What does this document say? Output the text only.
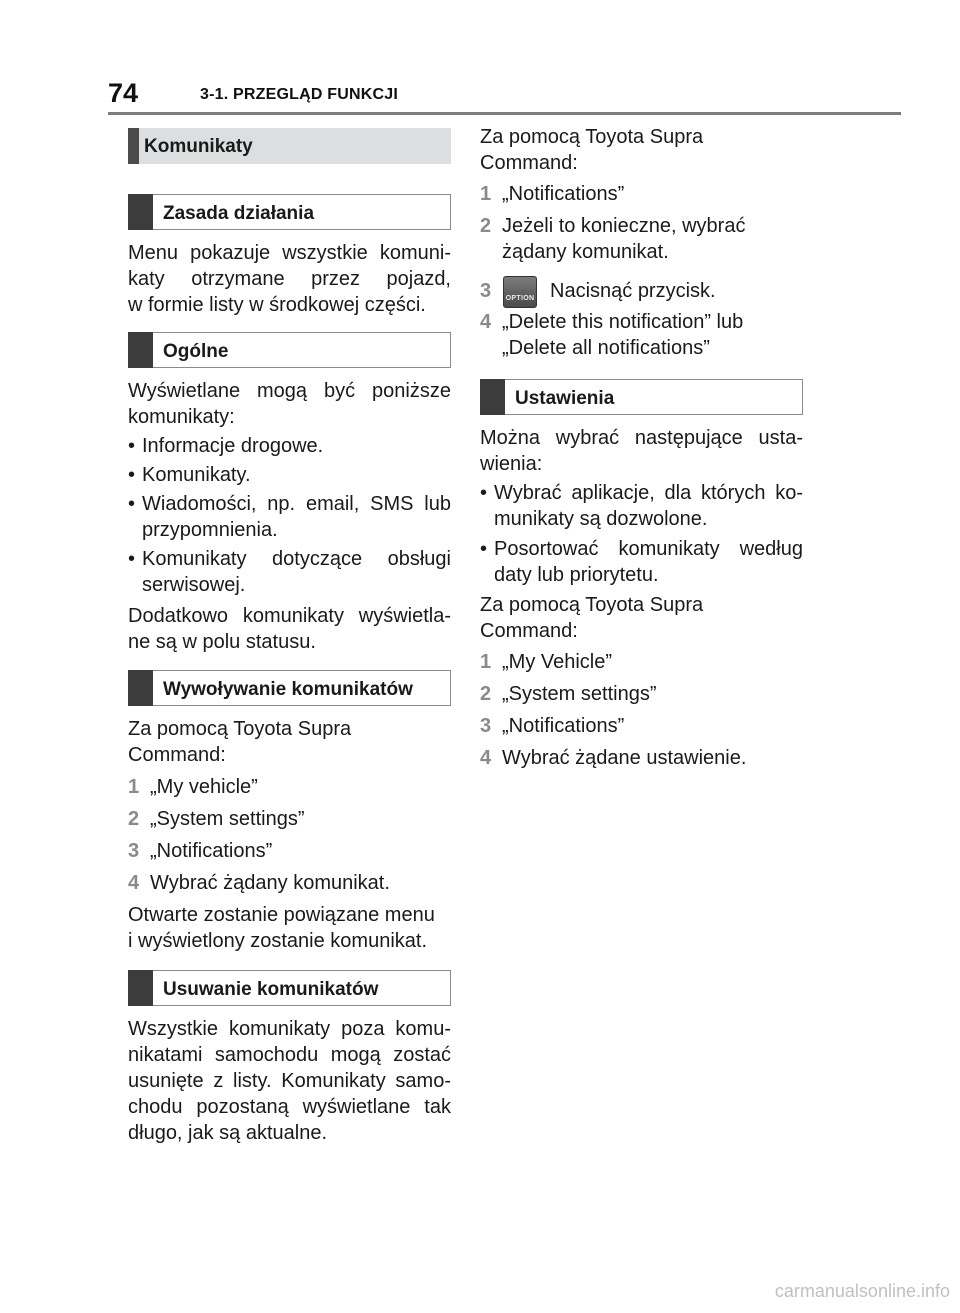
74	3-1. PRZEGLĄD FUNKCJI
Komunikaty
Zasada działania
Menu pokazuje wszystkie komuni-
katy otrzymane przez pojazd,
w formie listy w środkowej części.
Ogólne
Wyświetlane mogą być poniższe
komunikaty:
• Informacje drogowe.
• Komunikaty.
• Wiadomości, np. email, SMS lub
przypomnienia.
• Komunikaty dotyczące obsługi
serwisowej.
Dodatkowo komunikaty wyświetla-
ne są w polu statusu.
Wywoływanie komunikatów
Za pomocą Toyota Supra
Command:
1 „My vehicle”
2 „System settings”
3 „Notifications”
4 Wybrać żądany komunikat.
Otwarte zostanie powiązane menu
i wyświetlony zostanie komunikat.
Usuwanie komunikatów
Wszystkie komunikaty poza komu-
nikatami samochodu mogą zostać
usunięte z listy. Komunikaty samo-
chodu pozostaną wyświetlane tak
długo, jak są aktualne.
Za pomocą Toyota Supra
Command:
1 „Notifications”
2 Jeżeli to konieczne, wybrać
żądany komunikat.
3	OPTION Nacisnąć przycisk.
4 „Delete this notification” lub
„Delete all notifications”
Ustawienia
Można wybrać następujące usta-
wienia:
• Wybrać aplikacje, dla których ko-
munikaty są dozwolone.
• Posortować komunikaty według
daty lub priorytetu.
Za pomocą Toyota Supra
Command:
1 „My Vehicle”
2 „System settings”
3 „Notifications”
4 Wybrać żądane ustawienie.
carmanualsonline.info
